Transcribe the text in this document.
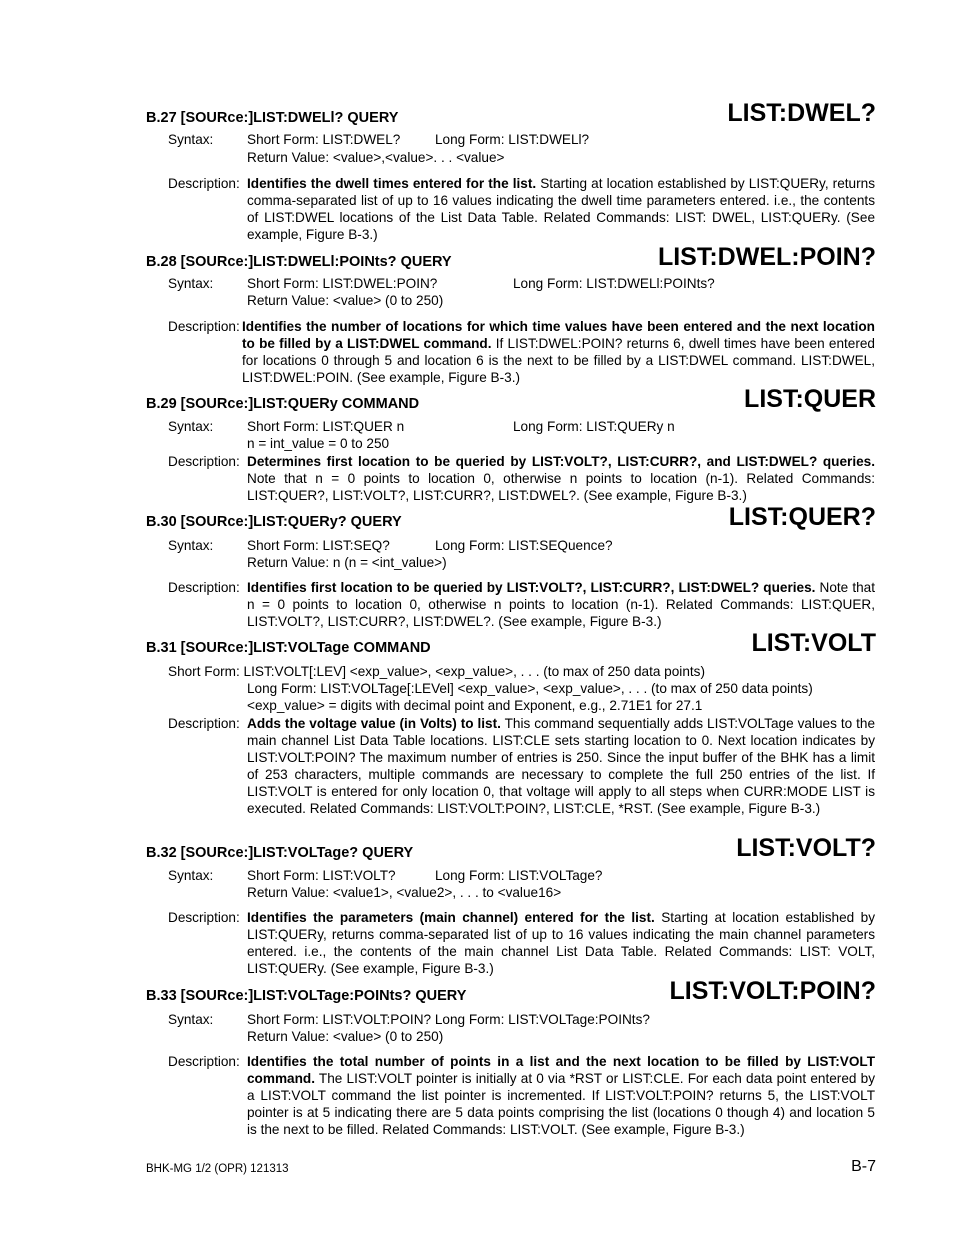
B.27 [SOURce:]LIST:DWELl? QUERY	LIST:DWEL?
Syntax: Short Form: LIST:DWEL?	Long Form: LIST:DWELl?
Return Value: <value>,<value>. . . <value>
Description: Identifies the dwell times entered for the list. Starting at location established by LIST:QUERy, returns comma-separated list of up to 16 values indicating the dwell time parameters entered. i.e., the contents of LIST:DWEL locations of the List Data Table. Related Commands: LIST: DWEL, LIST:QUERy. (See example, Figure B-3.)
B.28 [SOURce:]LIST:DWELl:POINts? QUERY	LIST:DWEL:POIN?
Syntax: Short Form: LIST:DWEL:POIN?	Long Form: LIST:DWELl:POINts?
Return Value: <value> (0 to 250)
Description: Identifies the number of locations for which time values have been entered and the next location to be filled by a LIST:DWEL command. If LIST:DWEL:POIN? returns 6, dwell times have been entered for locations 0 through 5 and location 6 is the next to be filled by a LIST:DWEL command. LIST:DWEL, LIST:DWEL:POIN. (See example, Figure B-3.)
B.29 [SOURce:]LIST:QUERy COMMAND	LIST:QUER
Syntax: Short Form: LIST:QUER n	Long Form: LIST:QUERy n
n = int_value = 0 to 250
Description: Determines first location to be queried by LIST:VOLT?, LIST:CURR?, and LIST:DWEL? queries. Note that n = 0 points to location 0, otherwise n points to location (n-1). Related Commands: LIST:QUER?, LIST:VOLT?, LIST:CURR?, LIST:DWEL?. (See example, Figure B-3.)
B.30 [SOURce:]LIST:QUERy? QUERY	LIST:QUER?
Syntax: Short Form: LIST:SEQ?	Long Form: LIST:SEQuence?
Return Value: n (n = <int_value>)
Description: Identifies first location to be queried by LIST:VOLT?, LIST:CURR?, LIST:DWEL? queries. Note that n = 0 points to location 0, otherwise n points to location (n-1). Related Commands: LIST:QUER, LIST:VOLT?, LIST:CURR?, LIST:DWEL?. (See example, Figure B-3.)
B.31 [SOURce:]LIST:VOLTage COMMAND	LIST:VOLT
Short Form: LIST:VOLT[:LEV] <exp_value>, <exp_value>, . . . (to max of 250 data points)
Long Form: LIST:VOLTage[:LEVel] <exp_value>, <exp_value>, . . . (to max of 250 data points)
<exp_value> = digits with decimal point and Exponent, e.g., 2.71E1 for 27.1
Description: Adds the voltage value (in Volts) to list. This command sequentially adds LIST:VOLTage values to the main channel List Data Table locations. LIST:CLE sets starting location to 0. Next location indicates by LIST:VOLT:POIN? The maximum number of entries is 250. Since the input buffer of the BHK has a limit of 253 characters, multiple commands are necessary to complete the full 250 entries of the list. If LIST:VOLT is entered for only location 0, that voltage will apply to all steps when CURR:MODE LIST is executed. Related Commands: LIST:VOLT:POIN?, LIST:CLE, *RST. (See example, Figure B-3.)
B.32 [SOURce:]LIST:VOLTage? QUERY	LIST:VOLT?
Syntax: Short Form: LIST:VOLT?	Long Form: LIST:VOLTage?
Return Value: <value1>, <value2>, . . . to <value16>
Description: Identifies the parameters (main channel) entered for the list. Starting at location established by LIST:QUERy, returns comma-separated list of up to 16 values indicating the main channel parameters entered. i.e., the contents of the main channel List Data Table. Related Commands: LIST: VOLT, LIST:QUERy. (See example, Figure B-3.)
B.33 [SOURce:]LIST:VOLTage:POINts? QUERY	LIST:VOLT:POIN?
Syntax: Short Form: LIST:VOLT:POIN? Long Form: LIST:VOLTage:POINts?
Return Value: <value> (0 to 250)
Description: Identifies the total number of points in a list and the next location to be filled by LIST:VOLT command. The LIST:VOLT pointer is initially at 0 via *RST or LIST:CLE. For each data point entered by a LIST:VOLT command the list pointer is incremented. If LIST:VOLT:POIN? returns 5, the LIST:VOLT pointer is at 5 indicating there are 5 data points comprising the list (locations 0 though 4) and location 5 is the next to be filled. Related Commands: LIST:VOLT. (See example, Figure B-3.)
BHK-MG 1/2 (OPR) 121313	B-7
